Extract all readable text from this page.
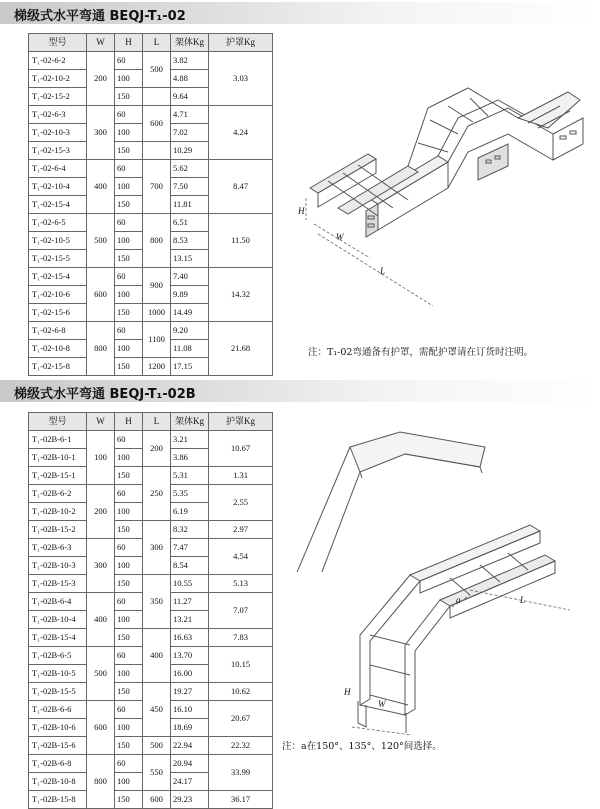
梯级式水平弯通 BEQJ-T₁-02
型号	W	H	L	架体Kg	护罩Kg
T₁-02-6-2	200	60	500	3.82	3.03
T₁-02-10-2		100		4.88	
T₁-02-15-2		150		9.64	
T₁-02-6-3	300	60	600	4.71	4.24
T₁-02-10-3		100		7.02	
T₁-02-15-3		150		10.29	
T₁-02-6-4	400	60	700	5.62	8.47
T₁-02-10-4		100		7.50	
T₁-02-15-4		150		11.81	
T₁-02-6-5	500	60	800	6.51	11.50
T₁-02-10-5		100		8.53	
T₁-02-15-5		150		13.15	
T₁-02-15-4	600	60	900	7.40	14.32
T₁-02-10-6		100		9.89	
T₁-02-15-6		150	1000	14.49	
T₁-02-6-8	800	60	1100	9.20	21.68
T₁-02-10-8		100		11.08	
T₁-02-15-8		150	1200	17.15	
H
W
L
注：T₁-02弯通备有护罩，需配护罩请在订货时注明。
梯级式水平弯通 BEQJ-T₁-02B
型号	W	H	L	架体Kg	护罩Kg
T₁-02B-6-1	100	60	200	3.21	10.67
T₁-02B-10-1		100		3.86	
T₁-02B-15-1		150	250	5.31	1.31
T₁-02B-6-2	200	60		5.35	2.55
T₁-02B-10-2		100		6.19	
T₁-02B-15-2		150	300	8.32	2.97
T₁-02B-6-3	300	60		7.47	4.54
T₁-02B-10-3		100		8.54	
T₁-02B-15-3		150	350	10.55	5.13
T₁-02B-6-4	400	60		11.27	7.07
T₁-02B-10-4		100		13.21	
T₁-02B-15-4		150	400	16.63	7.83
T₁-02B-6-5	500	60		13.70	10.15
T₁-02B-10-5		100		16.00	
T₁-02B-15-5		150	450	19.27	10.62
T₁-02B-6-6	600	60		16.10	20.67
T₁-02B-10-6		100		18.69	
T₁-02B-15-6		150	500	22.94	22.32
T₁-02B-6-8	800	60	550	20.94	33.99
T₁-02B-10-8		100		24.17	
T₁-02B-15-8		150	600	29.23	36.17
a	L
W
H
注：a在150°、135°、120°间选择。
